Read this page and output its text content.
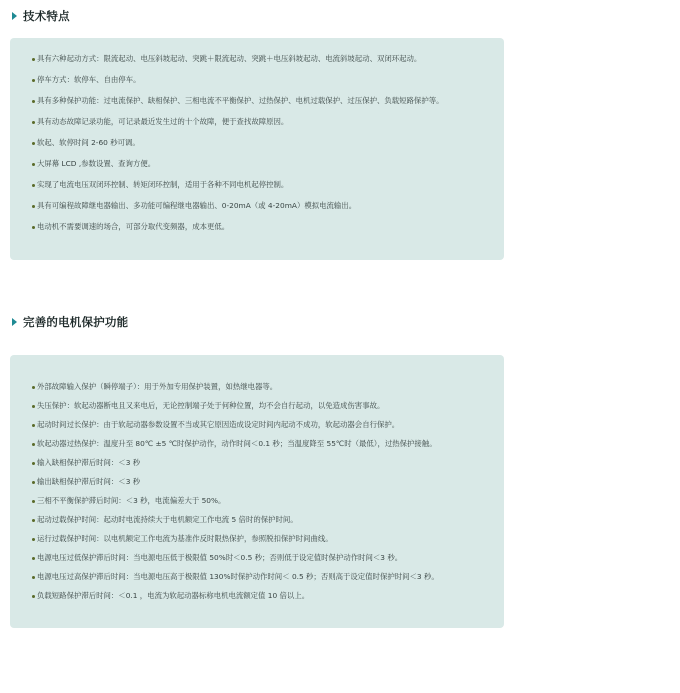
技术特点
具有六种起动方式：限流起动、电压斜坡起动、突跳＋限流起动、突跳＋电压斜坡起动、电流斜坡起动、双闭环起动。
停车方式：软停车、自由停车。
具有多种保护功能：过电流保护、缺相保护、三相电流不平衡保护、过热保护、电机过载保护、过压保护、负载短路保护等。
具有动态故障记录功能，可记录最近发生过的十个故障，便于查找故障原因。
软起、软停时间 2-60 秒可调。
大屏幕 LCD ,参数设置、查询方便。
实现了电流电压双闭环控制、转矩闭环控制，适用于各种不同电机起停控制。
具有可编程故障继电器输出、多功能可编程继电器输出、0-20mA（或 4-20mA）模拟电流输出。
电动机不需要调速的场合，可部分取代变频器，成本更低。
完善的电机保护功能
外部故障输入保护（瞬停端子）：用于外加专用保护装置，如热继电器等。
失压保护：软起动器断电且又来电后，无论控制端子处于何种位置，均不会自行起动，以免造成伤害事故。
起动时间过长保护：由于软起动器参数设置不当或其它原因造成设定时间内起动不成功，软起动器会自行保护。
软起动器过热保护：温度升至 80℃ ±5 ℃时保护动作，动作时间＜0.1 秒；当温度降至 55℃时（最低），过热保护接触。
输入缺相保护滞后时间：＜3 秒
输出缺相保护滞后时间：＜3 秒
三相不平衡保护滞后时间：＜3 秒，电流偏差大于 50%。
起动过载保护时间：起动时电流持续大于电机额定工作电流 5 倍时的保护时间。
运行过载保护时间：以电机额定工作电流为基准作反时限热保护，参照脱扣保护时间曲线。
电源电压过低保护滞后时间：当电源电压低于极限值 50%时＜0.5 秒；否则低于设定值时保护动作时间＜3 秒。
电源电压过高保护滞后时间：当电源电压高于极限值 130%时保护动作时间＜ 0.5 秒；否则高于设定值时保护时间＜3 秒。
负载短路保护滞后时间：＜0.1 ，电流为软起动器标称电机电流额定值 10 倍以上。
